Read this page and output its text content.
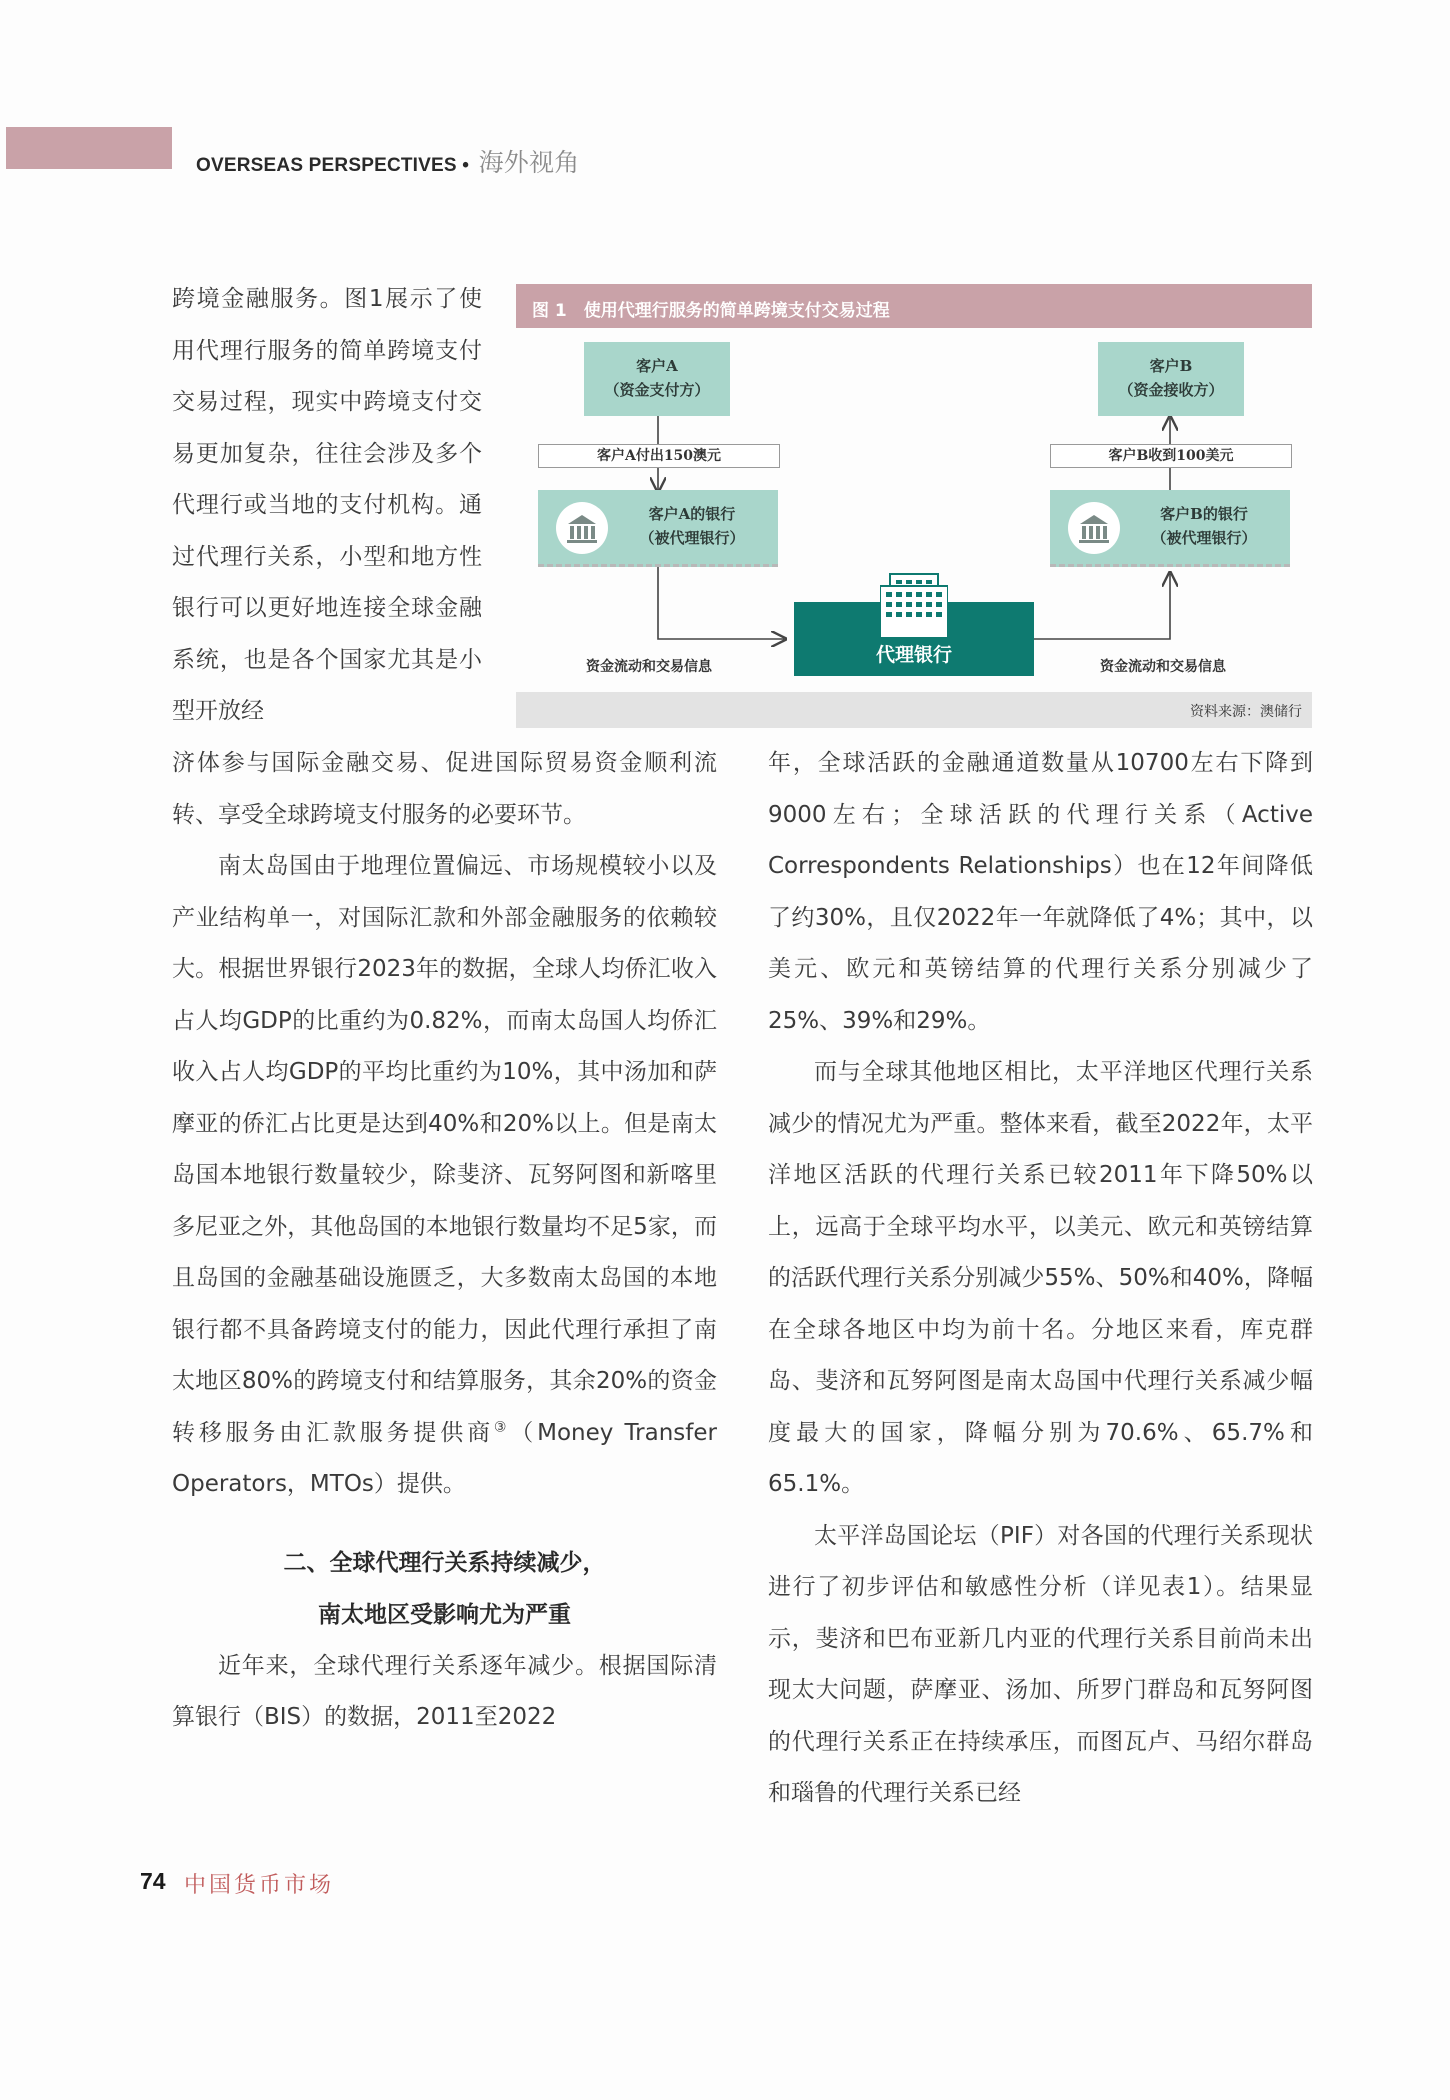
OVERSEAS PERSPECTIVES • 海外视角

跨境金融服务。图1展示了使用代理行服务的简单跨境支付交易过程，现实中跨境支付交易更加复杂，往往会涉及多个代理行或当地的支付机构。通过代理行关系，小型和地方性银行可以更好地连接全球金融系统，也是各个国家尤其是小型开放经

图 1　使用代理行服务的简单跨境支付交易过程
客户A
（资金支付方）
客户B
（资金接收方）
客户A付出150澳元	客户B收到100美元
客户A的银行
（被代理银行）
客户B的银行
（被代理银行）
代理银行
资金流动和交易信息	资金流动和交易信息
资料来源：澳储行

济体参与国际金融交易、促进国际贸易资金顺利流转、享受全球跨境支付服务的必要环节。

南太岛国由于地理位置偏远、市场规模较小以及产业结构单一，对国际汇款和外部金融服务的依赖较大。根据世界银行2023年的数据，全球人均侨汇收入占人均GDP的比重约为0.82%，而南太岛国人均侨汇收入占人均GDP的平均比重约为10%，其中汤加和萨摩亚的侨汇占比更是达到40%和20%以上。但是南太岛国本地银行数量较少，除斐济、瓦努阿图和新喀里多尼亚之外，其他岛国的本地银行数量均不足5家，而且岛国的金融基础设施匮乏，大多数南太岛国的本地银行都不具备跨境支付的能力，因此代理行承担了南太地区80%的跨境支付和结算服务，其余20%的资金转移服务由汇款服务提供商③（Money Transfer Operators，MTOs）提供。

二、全球代理行关系持续减少，

南太地区受影响尤为严重

近年来，全球代理行关系逐年减少。根据国际清算银行（BIS）的数据，2011至2022

年，全球活跃的金融通道数量从10700左右下降到9000左右；全球活跃的代理行关系（Active Correspondents Relationships）也在12年间降低了约30%，且仅2022年一年就降低了4%；其中，以美元、欧元和英镑结算的代理行关系分别减少了25%、39%和29%。

而与全球其他地区相比，太平洋地区代理行关系减少的情况尤为严重。整体来看，截至2022年，太平洋地区活跃的代理行关系已较2011年下降50%以上，远高于全球平均水平，以美元、欧元和英镑结算的活跃代理行关系分别减少55%、50%和40%，降幅在全球各地区中均为前十名。分地区来看，库克群岛、斐济和瓦努阿图是南太岛国中代理行关系减少幅度最大的国家，降幅分别为70.6%、65.7%和65.1%。

太平洋岛国论坛（PIF）对各国的代理行关系现状进行了初步评估和敏感性分析（详见表1）。结果显示，斐济和巴布亚新几内亚的代理行关系目前尚未出现太大问题，萨摩亚、汤加、所罗门群岛和瓦努阿图的代理行关系正在持续承压，而图瓦卢、马绍尔群岛和瑙鲁的代理行关系已经

74 中国货币市场
